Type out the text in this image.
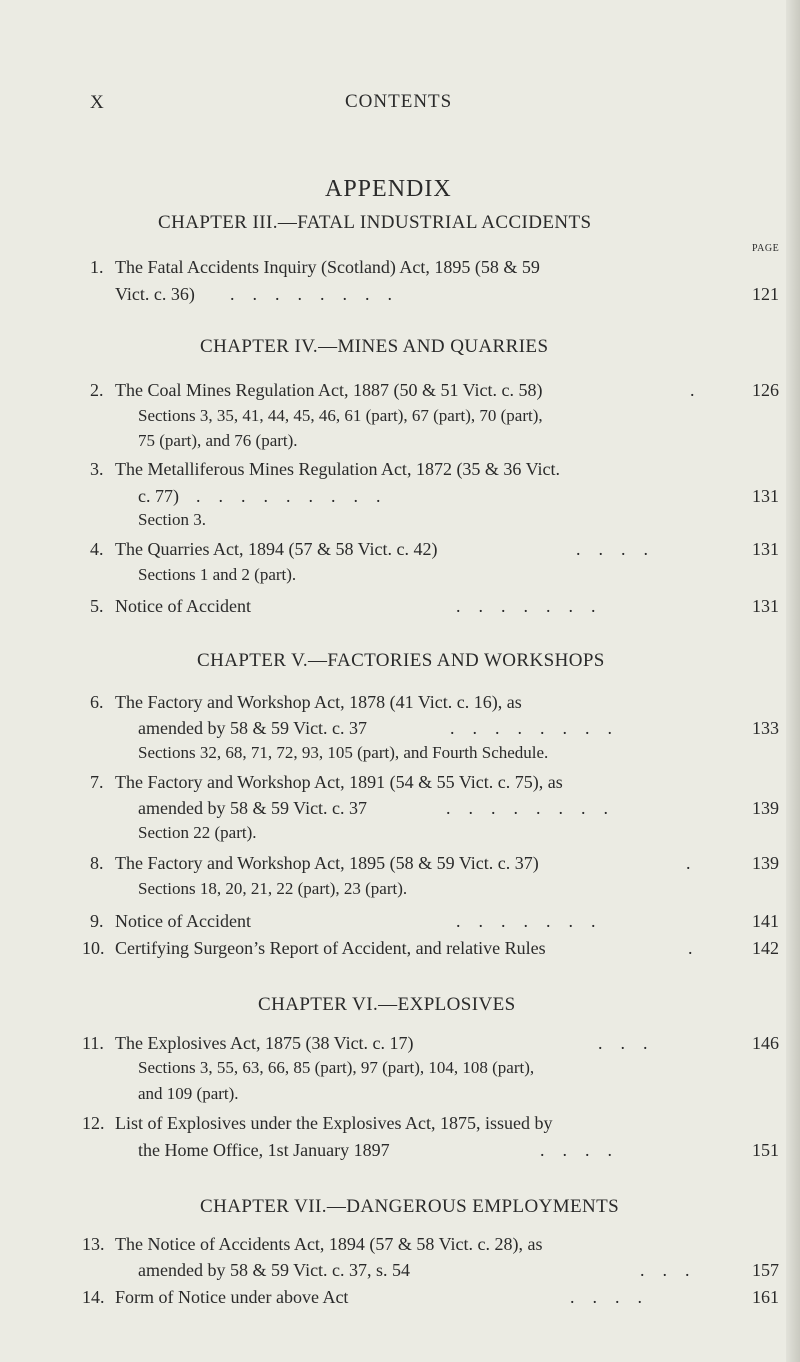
X	CONTENTS
APPENDIX
CHAPTER III.—FATAL INDUSTRIAL ACCIDENTS
PAGE
1. The Fatal Accidents Inquiry (Scotland) Act, 1895 (58 & 59
Vict. c. 36) ........	121
CHAPTER IV.—MINES AND QUARRIES
2. The Coal Mines Regulation Act, 1887 (50 & 51 Vict. c. 58)	. 126
Sections 3, 35, 41, 44, 45, 46, 61 (part), 67 (part), 70 (part),
75 (part), and 76 (part).
3. The Metalliferous Mines Regulation Act, 1872 (35 & 36 Vict.
c. 77) .........	131
Section 3.
4. The Quarries Act, 1894 (57 & 58 Vict. c. 42)	....	131
Sections 1 and 2 (part).
5. Notice of Accident	.......	131
CHAPTER V.—FACTORIES AND WORKSHOPS
6. The Factory and Workshop Act, 1878 (41 Vict. c. 16), as
amended by 58 & 59 Vict. c. 37	........	133
Sections 32, 68, 71, 72, 93, 105 (part), and Fourth Schedule.
7. The Factory and Workshop Act, 1891 (54 & 55 Vict. c. 75), as
amended by 58 & 59 Vict. c. 37	........	139
Section 22 (part).
8. The Factory and Workshop Act, 1895 (58 & 59 Vict. c. 37)	. 139
Sections 18, 20, 21, 22 (part), 23 (part).
9. Notice of Accident	.......	141
10. Certifying Surgeon’s Report of Accident, and relative Rules	. 142
CHAPTER VI.—EXPLOSIVES
11. The Explosives Act, 1875 (38 Vict. c. 17)	...	146
Sections 3, 55, 63, 66, 85 (part), 97 (part), 104, 108 (part),
and 109 (part).
12. List of Explosives under the Explosives Act, 1875, issued by
the Home Office, 1st January 1897	....	151
CHAPTER VII.—DANGEROUS EMPLOYMENTS
13. The Notice of Accidents Act, 1894 (57 & 58 Vict. c. 28), as
amended by 58 & 59 Vict. c. 37, s. 54	... 157
14. Form of Notice under above Act	....	161
